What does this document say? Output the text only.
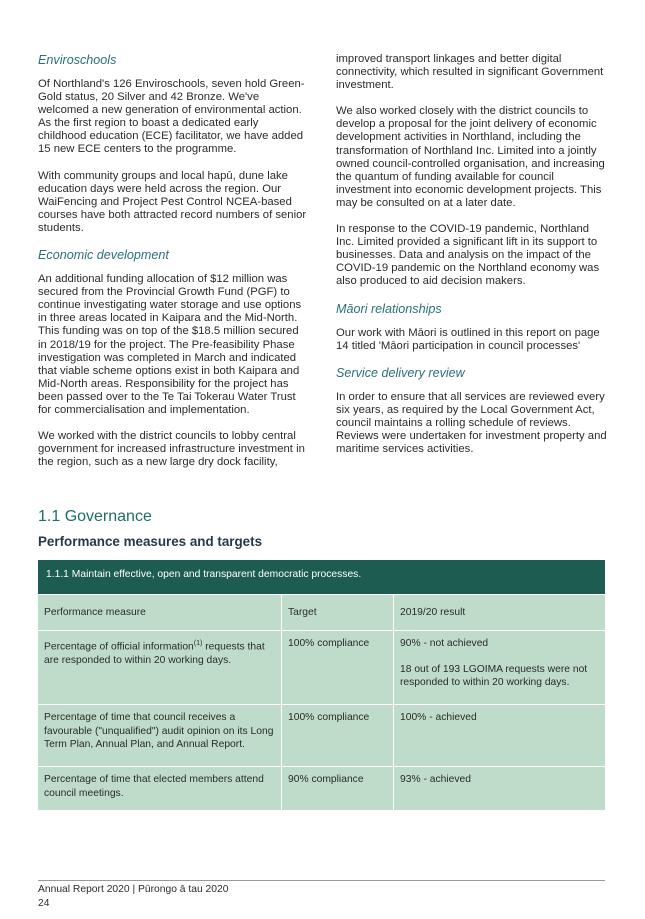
Enviroschools

Of Northland's 126 Enviroschools, seven hold Green-Gold status, 20 Silver and 42 Bronze. We've welcomed a new generation of environmental action. As the first region to boast a dedicated early childhood education (ECE) facilitator, we have added 15 new ECE centers to the programme.

With community groups and local hapū, dune lake education days were held across the region. Our WaiFencing and Project Pest Control NCEA-based courses have both attracted record numbers of senior students.

Economic development

An additional funding allocation of $12 million was secured from the Provincial Growth Fund (PGF) to continue investigating water storage and use options in three areas located in Kaipara and the Mid-North. This funding was on top of the $18.5 million secured in 2018/19 for the project. The Pre-feasibility Phase investigation was completed in March and indicated that viable scheme options exist in both Kaipara and Mid-North areas. Responsibility for the project has been passed over to the Te Tai Tokerau Water Trust for commercialisation and implementation.

We worked with the district councils to lobby central government for increased infrastructure investment in the region, such as a new large dry dock facility,

improved transport linkages and better digital connectivity, which resulted in significant Government investment.

We also worked closely with the district councils to develop a proposal for the joint delivery of economic development activities in Northland, including the transformation of Northland Inc. Limited into a jointly owned council-controlled organisation, and increasing the quantum of funding available for council investment into economic development projects. This may be consulted on at a later date.

In response to the COVID-19 pandemic, Northland Inc. Limited provided a significant lift in its support to businesses. Data and analysis on the impact of the COVID-19 pandemic on the Northland economy was also produced to aid decision makers.

Māori relationships

Our work with Māori is outlined in this report on page 14 titled 'Māori participation in council processes'

Service delivery review

In order to ensure that all services are reviewed every six years, as required by the Local Government Act, council maintains a rolling schedule of reviews. Reviews were undertaken for investment property and maritime services activities.

1.1 Governance
Performance measures and targets
1.1.1 Maintain effective, open and transparent democratic processes.
Performance measure	Target	2019/20 result
Percentage of official information$^{(1)}$ requests that are responded to within 20 working days.
100% compliance	90% - not achieved
18 out of 193 LGOIMA requests were not responded to within 20 working days.
Percentage of time that council receives a favourable ("unqualified") audit opinion on its Long Term Plan, Annual Plan, and Annual Report.
100% compliance	100% - achieved
Percentage of time that elected members attend council meetings.
90% compliance	93% - achieved
Annual Report 2020 | Pūrongo ā tau 2020
24
